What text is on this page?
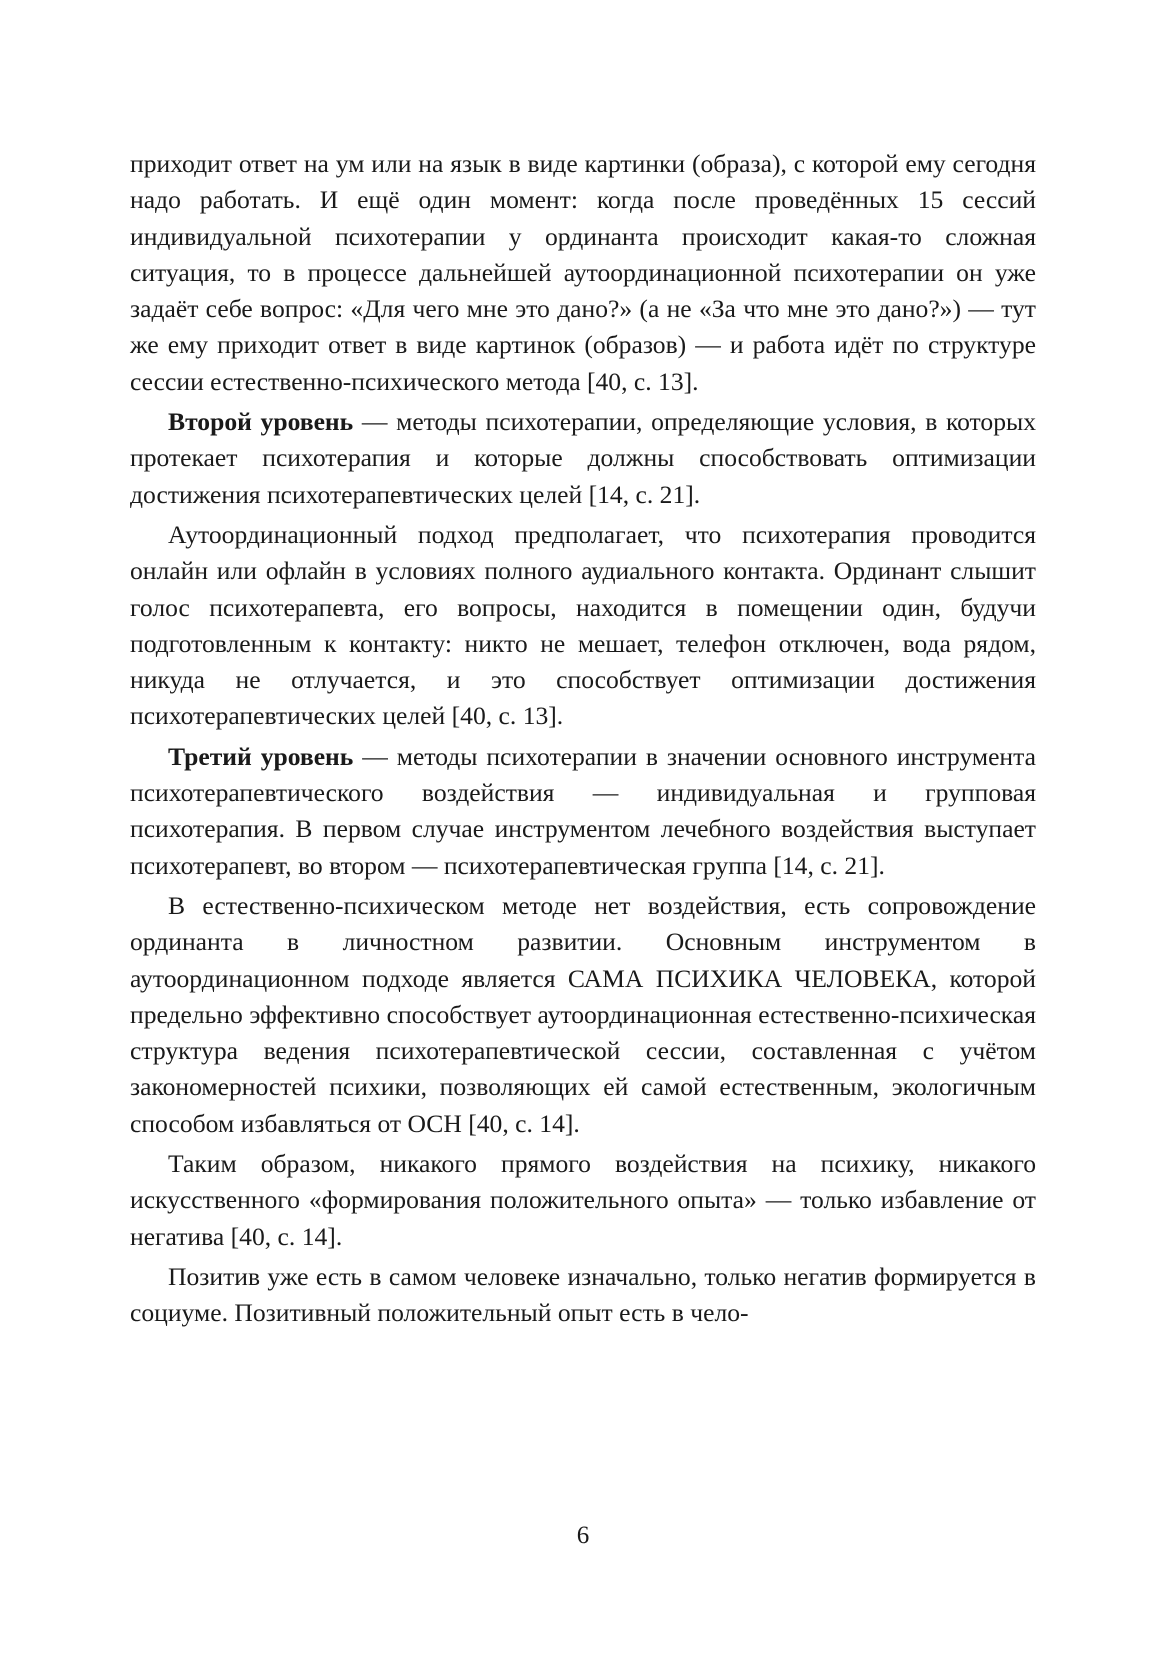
приходит ответ на ум или на язык в виде картинки (образа), с которой ему сегодня надо работать. И ещё один момент: когда после проведённых 15 сессий индивидуальной психотерапии у ординанта происходит какая-то сложная ситуация, то в процессе дальнейшей аутоординационной психотерапии он уже задаёт себе вопрос: «Для чего мне это дано?» (а не «За что мне это дано?») — тут же ему приходит ответ в виде картинок (образов) — и работа идёт по структуре сессии естественно-психического метода [40, с. 13].

Второй уровень — методы психотерапии, определяющие условия, в которых протекает психотерапия и которые должны способствовать оптимизации достижения психотерапевтических целей [14, с. 21].

Аутоординационный подход предполагает, что психотерапия проводится онлайн или офлайн в условиях полного аудиального контакта. Ординант слышит голос психотерапевта, его вопросы, находится в помещении один, будучи подготовленным к контакту: никто не мешает, телефон отключен, вода рядом, никуда не отлучается, и это способствует оптимизации достижения психотерапевтических целей [40, с. 13].

Третий уровень — методы психотерапии в значении основного инструмента психотерапевтического воздействия — индивидуальная и групповая психотерапия. В первом случае инструментом лечебного воздействия выступает психотерапевт, во втором — психотерапевтическая группа [14, с. 21].

В естественно-психическом методе нет воздействия, есть сопровождение ординанта в личностном развитии. Основным инструментом в аутоординационном подходе является САМА ПСИХИКА ЧЕЛОВЕКА, которой предельно эффективно способствует аутоординационная естественно-психическая структура ведения психотерапевтической сессии, составленная с учётом закономерностей психики, позволяющих ей самой естественным, экологичным способом избавляться от ОСН [40, с. 14].

Таким образом, никакого прямого воздействия на психику, никакого искусственного «формирования положительного опыта» — только избавление от негатива [40, с. 14].

Позитив уже есть в самом человеке изначально, только негатив формируется в социуме. Позитивный положительный опыт есть в чело-

6
